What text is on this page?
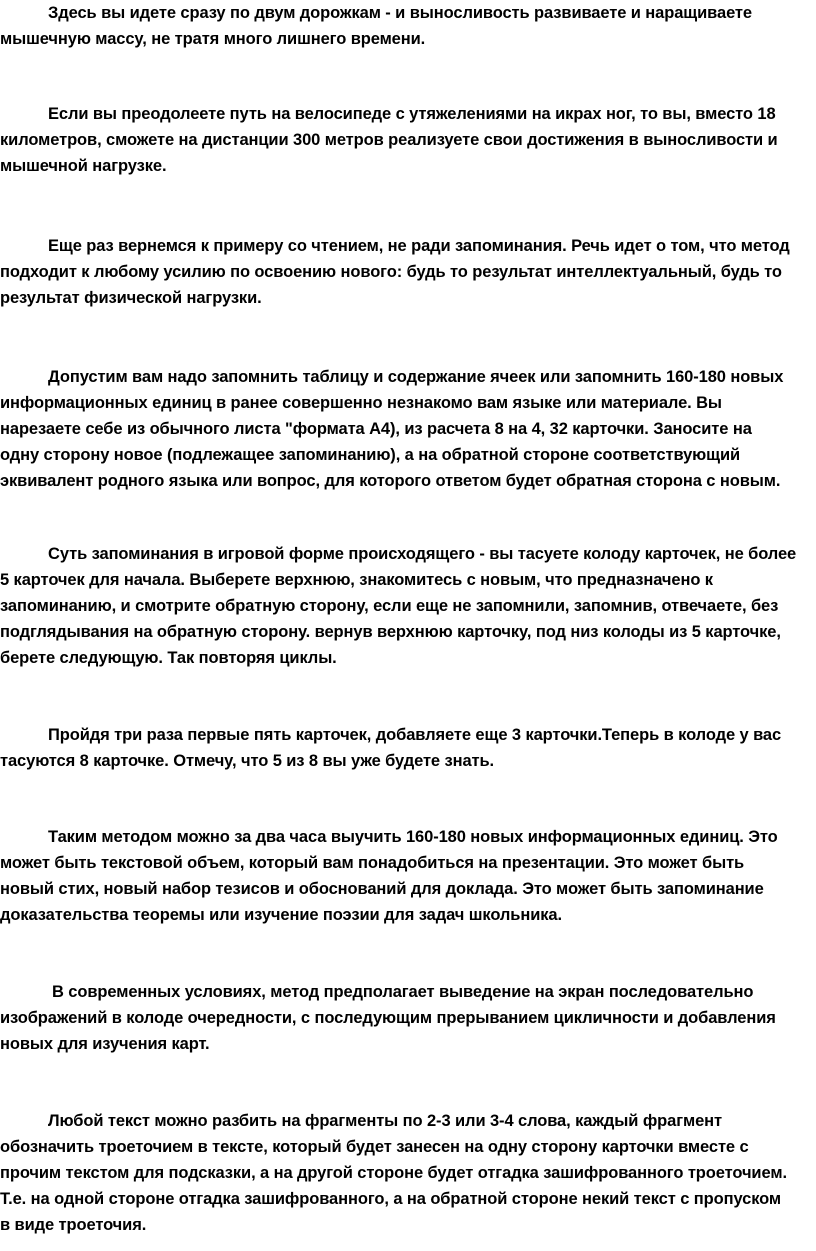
Здесь вы идете сразу по двум дорожкам - и выносливость развиваете и наращиваете
мышечную массу, не тратя много лишнего времени.
Если вы преодолеете путь на велосипеде с утяжелениями на икрах ног, то вы, вместо 18
километров, сможете на дистанции 300 метров реализуете свои достижения в выносливости и
мышечной нагрузке.
Еще раз вернемся к примеру со чтением, не ради запоминания. Речь идет о том, что метод
подходит к любому усилию по освоению нового: будь то результат интеллектуальный, будь то
результат физической нагрузки.
Допустим вам надо запомнить таблицу и содержание ячеек или запомнить 160-180 новых
информационных единиц в ранее совершенно незнакомо вам языке или материале. Вы
нарезаете себе из обычного листа "формата А4), из расчета 8 на 4, 32 карточки. Заносите на
одну сторону новое (подлежащее запоминанию), а на обратной стороне соответствующий
эквивалент родного языка или вопрос, для которого ответом будет обратная сторона с новым.
Суть запоминания в игровой форме происходящего - вы тасуете колоду карточек, не более
5 карточек для начала. Выберете верхнюю, знакомитесь с новым, что предназначено к
запоминанию, и смотрите обратную сторону, если еще не запомнили, запомнив, отвечаете, без
подглядывания на обратную сторону. вернув верхнюю карточку, под низ колоды из 5 карточке,
берете следующую. Так повторяя циклы.
Пройдя три раза первые пять карточек, добавляете еще 3 карточки.Теперь в колоде у вас
тасуются 8 карточке. Отмечу, что 5 из 8 вы уже будете знать.
Таким методом можно за два часа выучить 160-180 новых информационных единиц. Это
может быть текстовой объем, который вам понадобиться на презентации. Это может быть
новый стих, новый набор тезисов и обоснований для доклада. Это может быть запоминание
доказательства теоремы или изучение поэзии для задач школьника.
В современных условиях, метод предполагает выведение на экран последовательно
изображений в колоде очередности, с последующим прерыванием цикличности и добавления
новых для изучения карт.
Любой текст можно разбить на фрагменты по 2-3 или 3-4 слова, каждый фрагмент
обозначить троеточием в тексте, который будет занесен на одну сторону карточки вместе с
прочим текстом для подсказки, а на другой стороне будет отгадка зашифрованного троеточием.
Т.е. на одной стороне отгадка зашифрованного, а на обратной стороне некий текст с пропуском
в виде троеточия.
